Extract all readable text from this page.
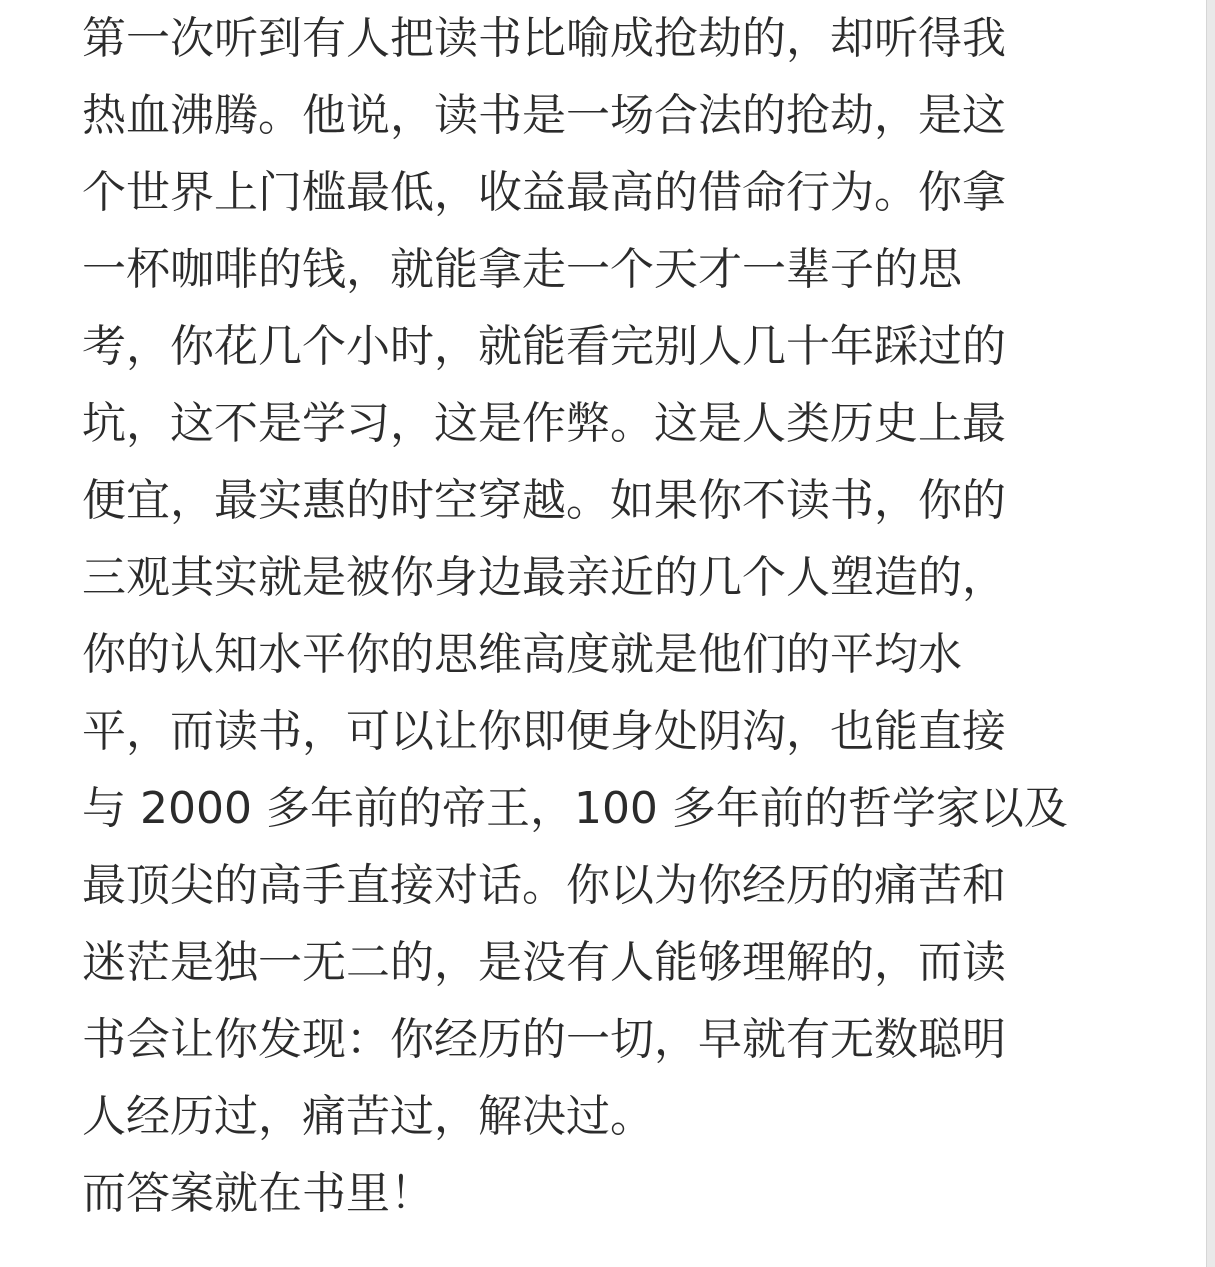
第一次听到有人把读书比喻成抢劫的，却听得我
热血沸腾。他说，读书是一场合法的抢劫，是这
个世界上门槛最低，收益最高的借命行为。你拿
一杯咖啡的钱，就能拿走一个天才一辈子的思
考，你花几个小时，就能看完别人几十年踩过的
坑，这不是学习，这是作弊。这是人类历史上最
便宜，最实惠的时空穿越。如果你不读书，你的
三观其实就是被你身边最亲近的几个人塑造的，
你的认知水平你的思维高度就是他们的平均水
平，而读书，可以让你即便身处阴沟，也能直接
与 2000 多年前的帝王，100 多年前的哲学家以及
最顶尖的高手直接对话。你以为你经历的痛苦和
迷茫是独一无二的，是没有人能够理解的，而读
书会让你发现：你经历的一切，早就有无数聪明
人经历过，痛苦过，解决过。
而答案就在书里！
